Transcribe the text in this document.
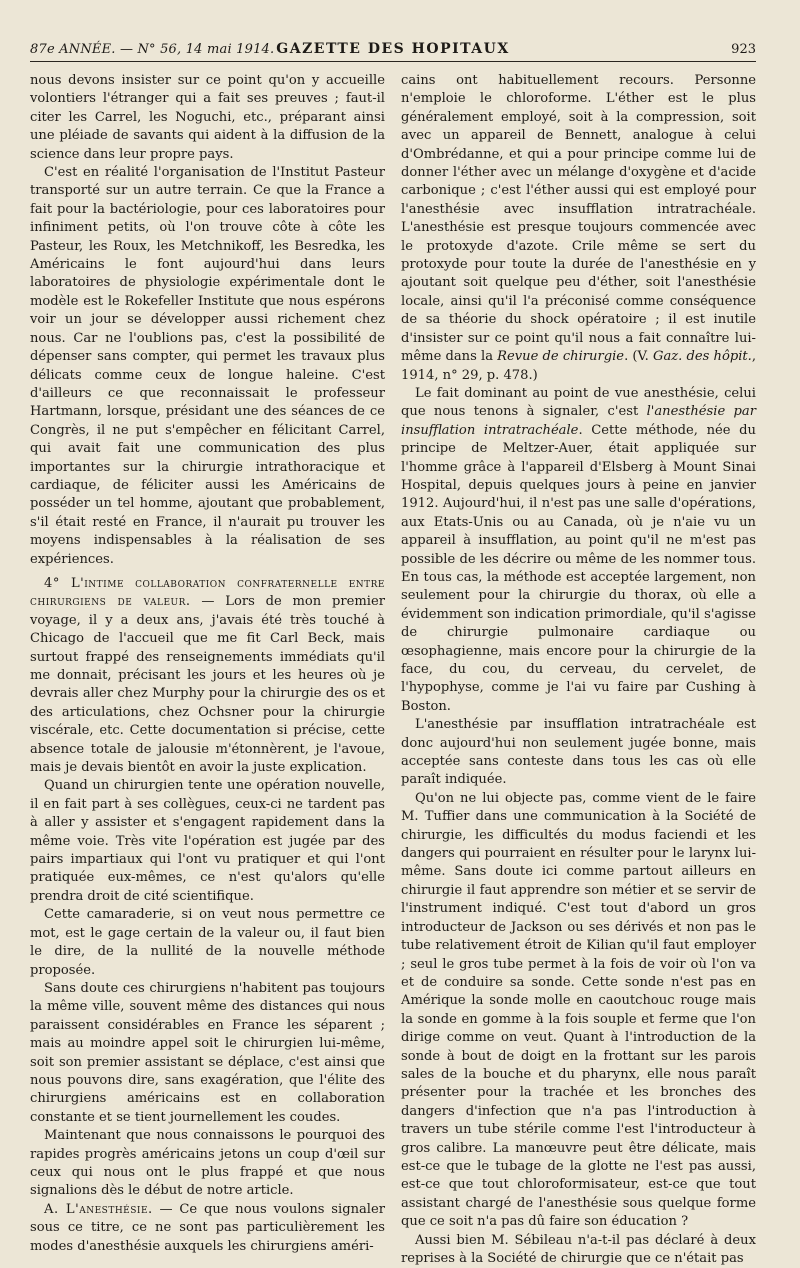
87e ANNÉE. — N° 56, 14 mai 1914. GAZETTE DES HOPITAUX	923

nous devons insister sur ce point qu'on y accueille volontiers l'étranger qui a fait ses preuves ; faut-il citer les Carrel, les Noguchi, etc., préparant ainsi une pléiade de savants qui aident à la diffusion de la science dans leur propre pays.

C'est en réalité l'organisation de l'Institut Pasteur transporté sur un autre terrain. Ce que la France a fait pour la bactériologie, pour ces laboratoires pour infiniment petits, où l'on trouve côte à côte les Pasteur, les Roux, les Metchnikoff, les Besredka, les Américains le font aujourd'hui dans leurs laboratoires de physiologie expérimentale dont le modèle est le Rokefeller Institute que nous espérons voir un jour se développer aussi richement chez nous. Car ne l'oublions pas, c'est la possibilité de dépenser sans compter, qui permet les travaux plus délicats comme ceux de longue haleine. C'est d'ailleurs ce que reconnaissait le professeur Hartmann, lorsque, présidant une des séances de ce Congrès, il ne put s'empêcher en félicitant Carrel, qui avait fait une communication des plus importantes sur la chirurgie intrathoracique et cardiaque, de féliciter aussi les Américains de posséder un tel homme, ajoutant que probablement, s'il était resté en France, il n'aurait pu trouver les moyens indispensables à la réalisation de ses expériences.

4° L'intime collaboration confraternelle entre chirurgiens de valeur. — Lors de mon premier voyage, il y a deux ans, j'avais été très touché à Chicago de l'accueil que me fit Carl Beck, mais surtout frappé des renseignements immédiats qu'il me donnait, précisant les jours et les heures où je devrais aller chez Murphy pour la chirurgie des os et des articulations, chez Ochsner pour la chirurgie viscérale, etc. Cette documentation si précise, cette absence totale de jalousie m'étonnèrent, je l'avoue, mais je devais bientôt en avoir la juste explication.

Quand un chirurgien tente une opération nouvelle, il en fait part à ses collègues, ceux-ci ne tardent pas à aller y assister et s'engagent rapidement dans la même voie. Très vite l'opération est jugée par des pairs impartiaux qui l'ont vu pratiquer et qui l'ont pratiquée eux-mêmes, ce n'est qu'alors qu'elle prendra droit de cité scientifique.

Cette camaraderie, si on veut nous permettre ce mot, est le gage certain de la valeur ou, il faut bien le dire, de la nullité de la nouvelle méthode proposée.

Sans doute ces chirurgiens n'habitent pas toujours la même ville, souvent même des distances qui nous paraissent considérables en France les séparent ; mais au moindre appel soit le chirurgien lui-même, soit son premier assistant se déplace, c'est ainsi que nous pouvons dire, sans exagération, que l'élite des chirurgiens américains est en collaboration constante et se tient journellement les coudes.

Maintenant que nous connaissons le pourquoi des rapides progrès américains jetons un coup d'œil sur ceux qui nous ont le plus frappé et que nous signalions dès le début de notre article.

A. L'anesthésie. — Ce que nous voulons signaler sous ce titre, ce ne sont pas particulièrement les modes d'anesthésie auxquels les chirurgiens améri-

cains ont habituellement recours. Personne n'emploie le chloroforme. L'éther est le plus généralement employé, soit à la compression, soit avec un appareil de Bennett, analogue à celui d'Ombrédanne, et qui a pour principe comme lui de donner l'éther avec un mélange d'oxygène et d'acide carbonique ; c'est l'éther aussi qui est employé pour l'anesthésie avec insufflation intratrachéale. L'anesthésie est presque toujours commencée avec le protoxyde d'azote. Crile même se sert du protoxyde pour toute la durée de l'anesthésie en y ajoutant soit quelque peu d'éther, soit l'anesthésie locale, ainsi qu'il l'a préconisé comme conséquence de sa théorie du shock opératoire ; il est inutile d'insister sur ce point qu'il nous a fait connaître lui-même dans la Revue de chirurgie. (V. Gaz. des hôpit., 1914, n° 29, p. 478.)

Le fait dominant au point de vue anesthésie, celui que nous tenons à signaler, c'est l'anesthésie par insufflation intratrachéale. Cette méthode, née du principe de Meltzer-Auer, était appliquée sur l'homme grâce à l'appareil d'Elsberg à Mount Sinai Hospital, depuis quelques jours à peine en janvier 1912. Aujourd'hui, il n'est pas une salle d'opérations, aux Etats-Unis ou au Canada, où je n'aie vu un appareil à insufflation, au point qu'il ne m'est pas possible de les décrire ou même de les nommer tous. En tous cas, la méthode est acceptée largement, non seulement pour la chirurgie du thorax, où elle a évidemment son indication primordiale, qu'il s'agisse de chirurgie pulmonaire cardiaque ou œsophagienne, mais encore pour la chirurgie de la face, du cou, du cerveau, du cervelet, de l'hypophyse, comme je l'ai vu faire par Cushing à Boston.

L'anesthésie par insufflation intratrachéale est donc aujourd'hui non seulement jugée bonne, mais acceptée sans conteste dans tous les cas où elle paraît indiquée.

Qu'on ne lui objecte pas, comme vient de le faire M. Tuffier dans une communication à la Société de chirurgie, les difficultés du modus faciendi et les dangers qui pourraient en résulter pour le larynx lui-même. Sans doute ici comme partout ailleurs en chirurgie il faut apprendre son métier et se servir de l'instrument indiqué. C'est tout d'abord un gros introducteur de Jackson ou ses dérivés et non pas le tube relativement étroit de Kilian qu'il faut employer ; seul le gros tube permet à la fois de voir où l'on va et de conduire sa sonde. Cette sonde n'est pas en Amérique la sonde molle en caoutchouc rouge mais la sonde en gomme à la fois souple et ferme que l'on dirige comme on veut. Quant à l'introduction de la sonde à bout de doigt en la frottant sur les parois sales de la bouche et du pharynx, elle nous paraît présenter pour la trachée et les bronches des dangers d'infection que n'a pas l'introduction à travers un tube stérile comme l'est l'introducteur à gros calibre. La manœuvre peut être délicate, mais est-ce que le tubage de la glotte ne l'est pas aussi, est-ce que tout chloroformisateur, est-ce que tout assistant chargé de l'anesthésie sous quelque forme que ce soit n'a pas dû faire son éducation ?

Aussi bien M. Sébileau n'a-t-il pas déclaré à deux reprises à la Société de chirurgie que ce n'était pas
